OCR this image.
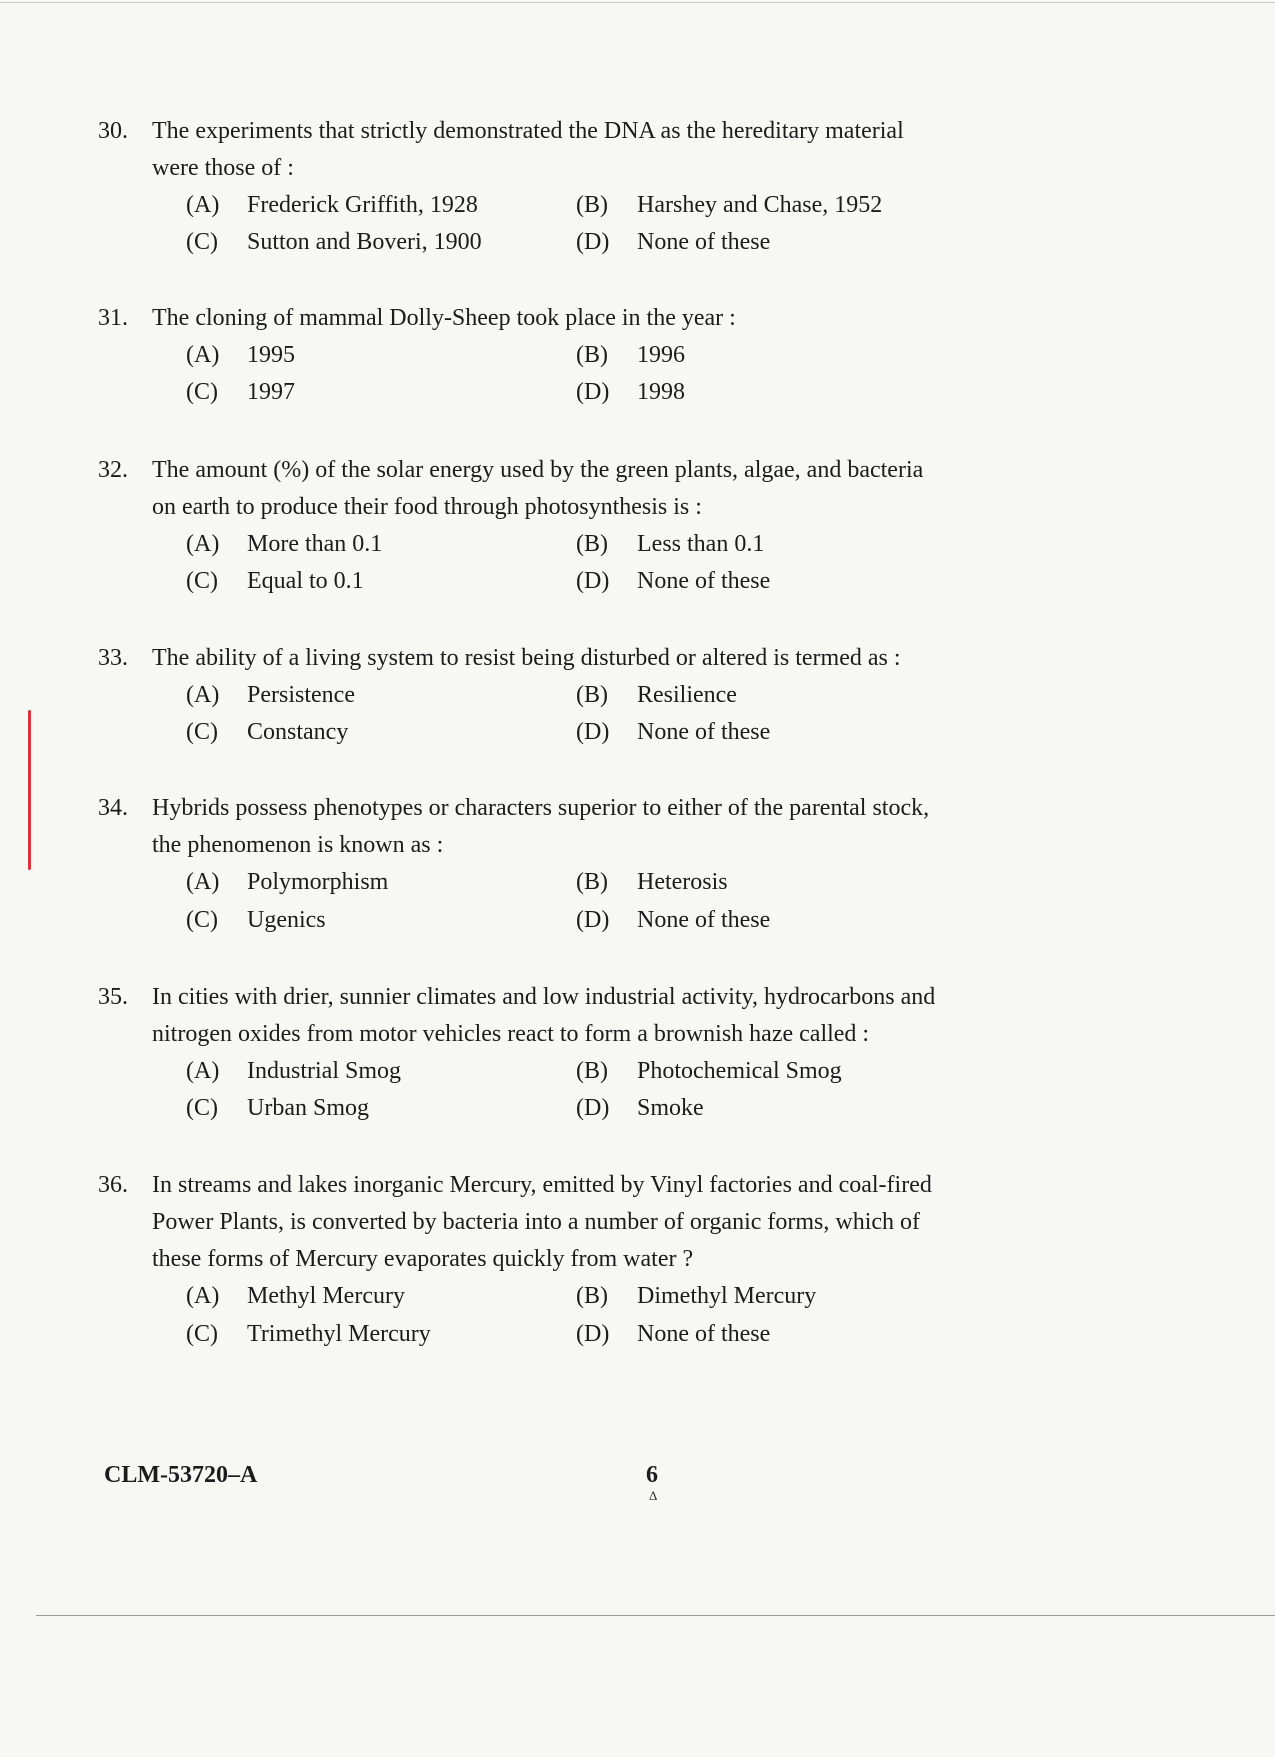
30. The experiments that strictly demonstrated the DNA as the hereditary material were those of :
(A) Frederick Griffith, 1928	(B) Harshey and Chase, 1952
(C) Sutton and Boveri, 1900	(D) None of these
31. The cloning of mammal Dolly-Sheep took place in the year :
(A) 1995	(B) 1996
(C) 1997	(D) 1998
32. The amount (%) of the solar energy used by the green plants, algae, and bacteria on earth to produce their food through photosynthesis is :
(A) More than 0.1	(B) Less than 0.1
(C) Equal to 0.1	(D) None of these
33. The ability of a living system to resist being disturbed or altered is termed as :
(A) Persistence	(B) Resilience
(C) Constancy	(D) None of these
34. Hybrids possess phenotypes or characters superior to either of the parental stock, the phenomenon is known as :
(A) Polymorphism	(B) Heterosis
(C) Ugenics	(D) None of these
35. In cities with drier, sunnier climates and low industrial activity, hydrocarbons and nitrogen oxides from motor vehicles react to form a brownish haze called :
(A) Industrial Smog	(B) Photochemical Smog
(C) Urban Smog	(D) Smoke
36. In streams and lakes inorganic Mercury, emitted by Vinyl factories and coal-fired Power Plants, is converted by bacteria into a number of organic forms, which of these forms of Mercury evaporates quickly from water ?
(A) Methyl Mercury	(B) Dimethyl Mercury
(C) Trimethyl Mercury	(D) None of these
CLM-53720–A	6
Δ
